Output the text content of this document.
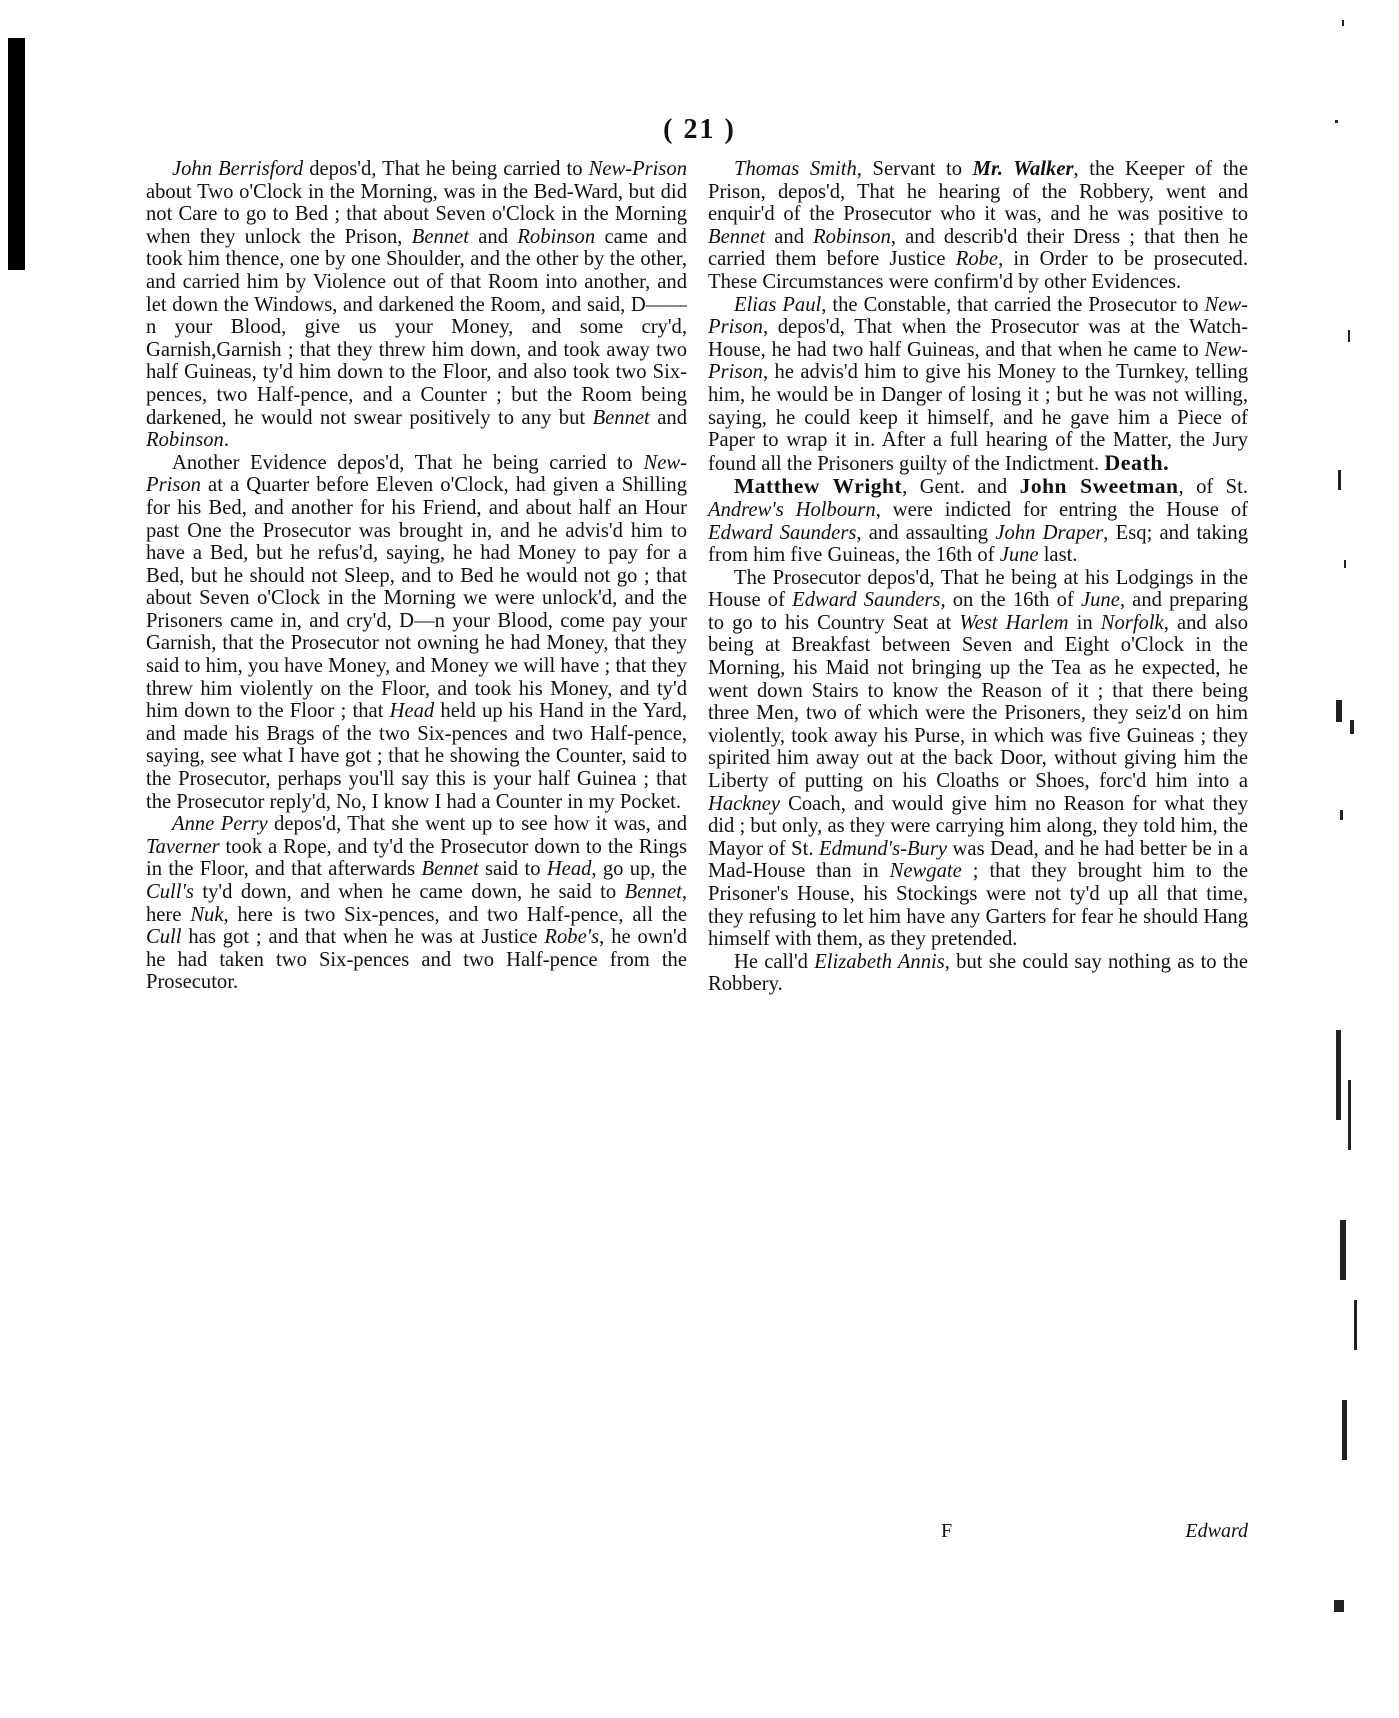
( 21 )

John Berrisford depos'd, That he being carried to New-Prison about Two o'Clock in the Morning, was in the Bed-Ward, but did not Care to go to Bed ; that about Seven o'Clock in the Morning when they unlock the Prison, Bennet and Robinson came and took him thence, one by one Shoulder, and the other by the other, and carried him by Violence out of that Room into another, and let down the Windows, and darkened the Room, and said, D——n your Blood, give us your Money, and some cry'd, Garnish,Garnish ; that they threw him down, and took away two half Guineas, ty'd him down to the Floor, and also took two Six-pences, two Half-pence, and a Counter ; but the Room being darkened, he would not swear positively to any but Bennet and Robinson.

Another Evidence depos'd, That he being carried to New-Prison at a Quarter before Eleven o'Clock, had given a Shilling for his Bed, and another for his Friend, and about half an Hour past One the Prosecutor was brought in, and he advis'd him to have a Bed, but he refus'd, saying, he had Money to pay for a Bed, but he should not Sleep, and to Bed he would not go ; that about Seven o'Clock in the Morning we were unlock'd, and the Prisoners came in, and cry'd, D—n your Blood, come pay your Garnish, that the Prosecutor not owning he had Money, that they said to him, you have Money, and Money we will have ; that they threw him violently on the Floor, and took his Money, and ty'd him down to the Floor ; that Head held up his Hand in the Yard, and made his Brags of the two Six-pences and two Half-pence, saying, see what I have got ; that he showing the Counter, said to the Prosecutor, perhaps you'll say this is your half Guinea ; that the Prosecutor reply'd, No, I know I had a Counter in my Pocket.

Anne Perry depos'd, That she went up to see how it was, and Taverner took a Rope, and ty'd the Prosecutor down to the Rings in the Floor, and that afterwards Bennet said to Head, go up, the Cull's ty'd down, and when he came down, he said to Bennet, here Nuk, here is two Six-pences, and two Half-pence, all the Cull has got ; and that when he was at Justice Robe's, he own'd he had taken two Six-pences and two Half-pence from the Prosecutor.

Thomas Smith, Servant to Mr. Walker, the Keeper of the Prison, depos'd, That he hearing of the Robbery, went and enquir'd of the Prosecutor who it was, and he was positive to Bennet and Robinson, and describ'd their Dress ; that then he carried them before Justice Robe, in Order to be prosecuted. These Circumstances were confirm'd by other Evidences.

Elias Paul, the Constable, that carried the Prosecutor to New-Prison, depos'd, That when the Prosecutor was at the Watch-House, he had two half Guineas, and that when he came to New-Prison, he advis'd him to give his Money to the Turnkey, telling him, he would be in Danger of losing it ; but he was not willing, saying, he could keep it himself, and he gave him a Piece of Paper to wrap it in. After a full hearing of the Matter, the Jury found all the Prisoners guilty of the Indictment. Death.

Matthew Wright, Gent. and John Sweetman, of St. Andrew's Holbourn, were indicted for entring the House of Edward Saunders, and assaulting John Draper, Esq; and taking from him five Guineas, the 16th of June last.

The Prosecutor depos'd, That he being at his Lodgings in the House of Edward Saunders, on the 16th of June, and preparing to go to his Country Seat at West Harlem in Norfolk, and also being at Breakfast between Seven and Eight o'Clock in the Morning, his Maid not bringing up the Tea as he expected, he went down Stairs to know the Reason of it ; that there being three Men, two of which were the Prisoners, they seiz'd on him violently, took away his Purse, in which was five Guineas ; they spirited him away out at the back Door, without giving him the Liberty of putting on his Cloaths or Shoes, forc'd him into a Hackney Coach, and would give him no Reason for what they did ; but only, as they were carrying him along, they told him, the Mayor of St. Edmund's-Bury was Dead, and he had better be in a Mad-House than in Newgate ; that they brought him to the Prisoner's House, his Stockings were not ty'd up all that time, they refusing to let him have any Garters for fear he should Hang himself with them, as they pretended.

He call'd Elizabeth Annis, but she could say nothing as to the Robbery.

F	Edward
